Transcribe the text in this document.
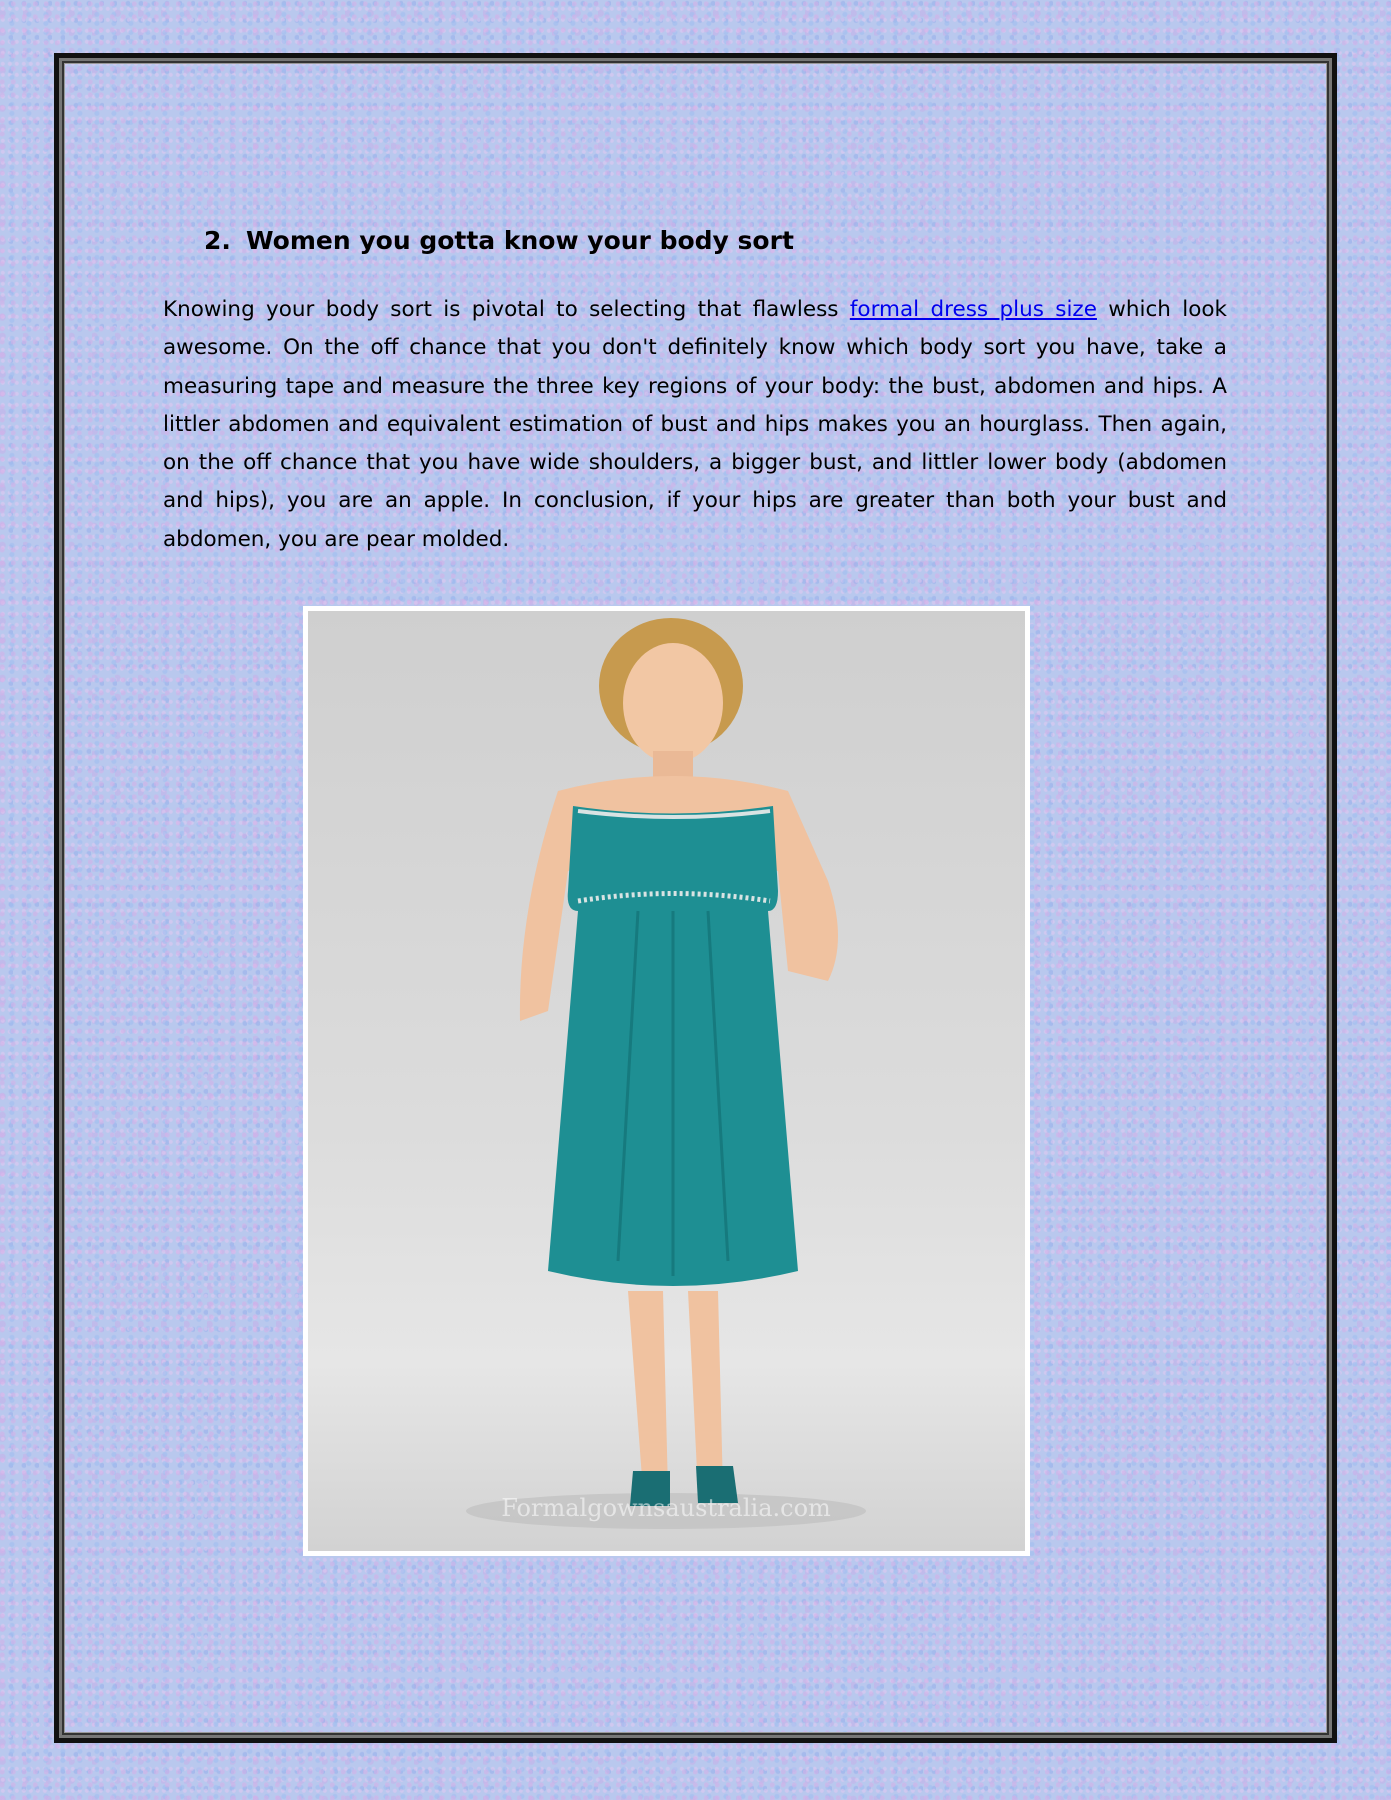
2. Women you gotta know your body sort

Knowing your body sort is pivotal to selecting that flawless formal dress plus size which look awesome. On the off chance that you don't definitely know which body sort you have, take a measuring tape and measure the three key regions of your body: the bust, abdomen and hips. A littler abdomen and equivalent estimation of bust and hips makes you an hourglass. Then again, on the off chance that you have wide shoulders, a bigger bust, and littler lower body (abdomen and hips), you are an apple. In conclusion, if your hips are greater than both your bust and abdomen, you are pear molded.

Formalgownsaustralia.com
